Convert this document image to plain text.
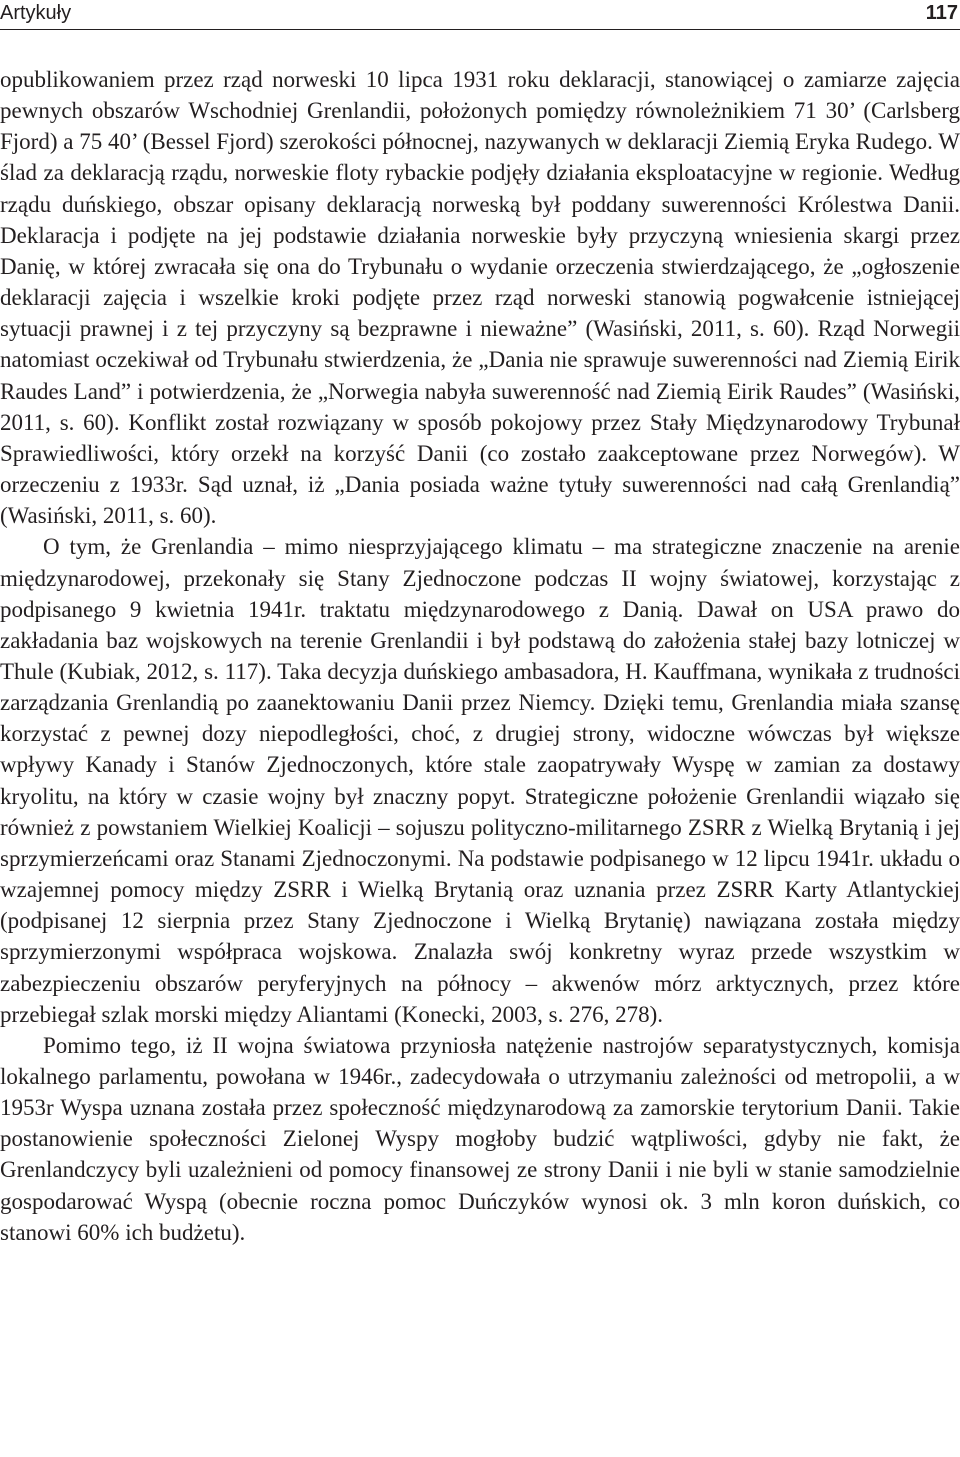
Artykuły	117

opublikowaniem przez rząd norweski 10 lipca 1931 roku deklaracji, stanowiącej o zamiarze zajęcia pewnych obszarów Wschodniej Grenlandii, położonych pomiędzy równoleżnikiem 71 30’ (Carlsberg Fjord) a 75 40’ (Bessel Fjord) szerokości północnej, nazywanych w deklaracji Ziemią Eryka Rudego. W ślad za deklaracją rządu, norweskie floty rybackie podjęły działania eksploatacyjne w regionie. Według rządu duńskiego, obszar opisany deklaracją norweską był poddany suwerenności Królestwa Danii. Deklaracja i podjęte na jej podstawie działania norweskie były przyczyną wniesienia skargi przez Danię, w której zwracała się ona do Trybunału o wydanie orzeczenia stwierdzającego, że „ogłoszenie deklaracji zajęcia i wszelkie kroki podjęte przez rząd norweski stanowią pogwałcenie istniejącej sytuacji prawnej i z tej przyczyny są bezprawne i nieważne” (Wasiński, 2011, s. 60). Rząd Norwegii natomiast oczekiwał od Trybunału stwierdzenia, że „Dania nie sprawuje suwerenności nad Ziemią Eirik Raudes Land” i potwierdzenia, że „Norwegia nabyła suwerenność nad Ziemią Eirik Raudes” (Wasiński, 2011, s. 60). Konflikt został rozwiązany w sposób pokojowy przez Stały Międzynarodowy Trybunał Sprawiedliwości, który orzekł na korzyść Danii (co zostało zaakceptowane przez Norwegów). W orzeczeniu z 1933r. Sąd uznał, iż „Dania posiada ważne tytuły suwerenności nad całą Grenlandią” (Wasiński, 2011, s. 60).

O tym, że Grenlandia – mimo niesprzyjającego klimatu – ma strategiczne znaczenie na arenie międzynarodowej, przekonały się Stany Zjednoczone podczas II wojny światowej, korzystając z podpisanego 9 kwietnia 1941r. traktatu międzynarodowego z Danią. Dawał on USA prawo do zakładania baz wojskowych na terenie Grenlandii i był podstawą do założenia stałej bazy lotniczej w Thule (Kubiak, 2012, s. 117). Taka decyzja duńskiego ambasadora, H. Kauffmana, wynikała z trudności zarządzania Grenlandią po zaanektowaniu Danii przez Niemcy. Dzięki temu, Grenlandia miała szansę korzystać z pewnej dozy niepodległości, choć, z drugiej strony, widoczne wówczas był większe wpływy Kanady i Stanów Zjednoczonych, które stale zaopatrywały Wyspę w zamian za dostawy kryolitu, na który w czasie wojny był znaczny popyt. Strategiczne położenie Grenlandii wiązało się również z powstaniem Wielkiej Koalicji – sojuszu polityczno-militarnego ZSRR z Wielką Brytanią i jej sprzymierzeńcami oraz Stanami Zjednoczonymi. Na podstawie podpisanego w 12 lipcu 1941r. układu o wzajemnej pomocy między ZSRR i Wielką Brytanią oraz uznania przez ZSRR Karty Atlantyckiej (podpisanej 12 sierpnia przez Stany Zjednoczone i Wielką Brytanię) nawiązana została między sprzymierzonymi współpraca wojskowa. Znalazła swój konkretny wyraz przede wszystkim w zabezpieczeniu obszarów peryferyjnych na północy – akwenów mórz arktycznych, przez które przebiegał szlak morski między Aliantami (Konecki, 2003, s. 276, 278).

Pomimo tego, iż II wojna światowa przyniosła natężenie nastrojów separatystycznych, komisja lokalnego parlamentu, powołana w 1946r., zadecydowała o utrzymaniu zależności od metropolii, a w 1953r Wyspa uznana została przez społeczność międzynarodową za zamorskie terytorium Danii. Takie postanowienie społeczności Zielonej Wyspy mogłoby budzić wątpliwości, gdyby nie fakt, że Grenlandczycy byli uzależnieni od pomocy finansowej ze strony Danii i nie byli w stanie samodzielnie gospodarować Wyspą (obecnie roczna pomoc Duńczyków wynosi ok. 3 mln koron duńskich, co stanowi 60% ich budżetu).
